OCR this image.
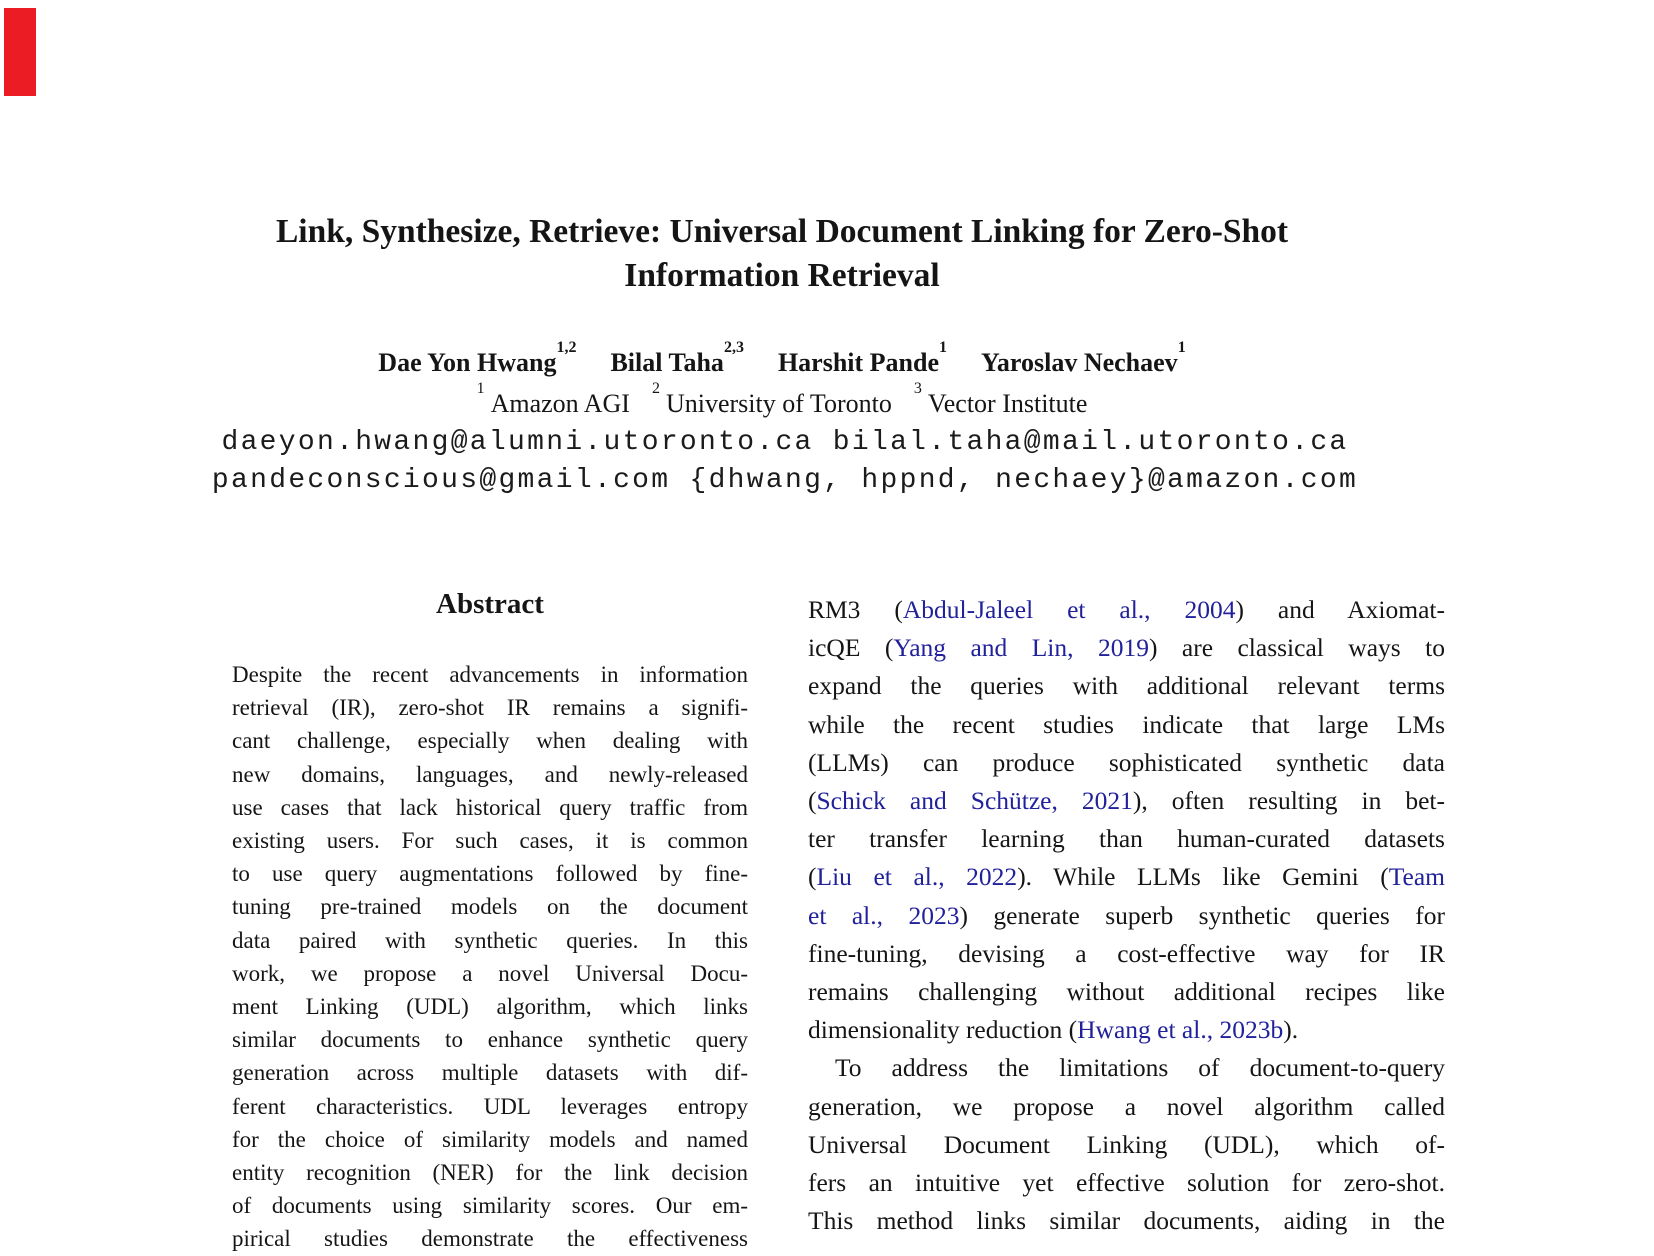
Link, Synthesize, Retrieve: Universal Document Linking for Zero-Shot
Information Retrieval
Dae Yon Hwang$^{1,2}$
Bilal Taha$^{2,3}$
Harshit Pande$^1$
Yaroslav Nechaev$^1$
$^1$Amazon AGI
$^2$University of Toronto
$^3$Vector Institute
daeyon.hwang@alumni.utoronto.ca bilal.taha@mail.utoronto.ca
pandeconscious@gmail.com {dhwang, hppnd, nechaey}@amazon.com
Abstract
Despite the recent advancements in information
retrieval (IR), zero-shot IR remains a signifi-
cant challenge, especially when dealing with
new domains, languages, and newly-released
use cases that lack historical query traffic from
existing users. For such cases, it is common
to use query augmentations followed by fine-
tuning pre-trained models on the document
data paired with synthetic queries. In this
work, we propose a novel Universal Docu-
ment Linking (UDL) algorithm, which links
similar documents to enhance synthetic query
generation across multiple datasets with dif-
ferent characteristics. UDL leverages entropy
for the choice of similarity models and named
entity recognition (NER) for the link decision
of documents using similarity scores. Our em-
pirical studies demonstrate the effectiveness
RM3 (Abdul-Jaleel et al., 2004) and Axiomat-
icQE (Yang and Lin, 2019) are classical ways to
expand the queries with additional relevant terms
while the recent studies indicate that large LMs
(LLMs) can produce sophisticated synthetic data
(Schick and Schütze, 2021), often resulting in bet-
ter transfer learning than human-curated datasets
(Liu et al., 2022). While LLMs like Gemini (Team
et al., 2023) generate superb synthetic queries for
fine-tuning, devising a cost-effective way for IR
remains challenging without additional recipes like
dimensionality reduction (Hwang et al., 2023b).
To address the limitations of document-to-query
generation, we propose a novel algorithm called
Universal Document Linking (UDL), which of-
fers an intuitive yet effective solution for zero-shot.
This method links similar documents, aiding in the
